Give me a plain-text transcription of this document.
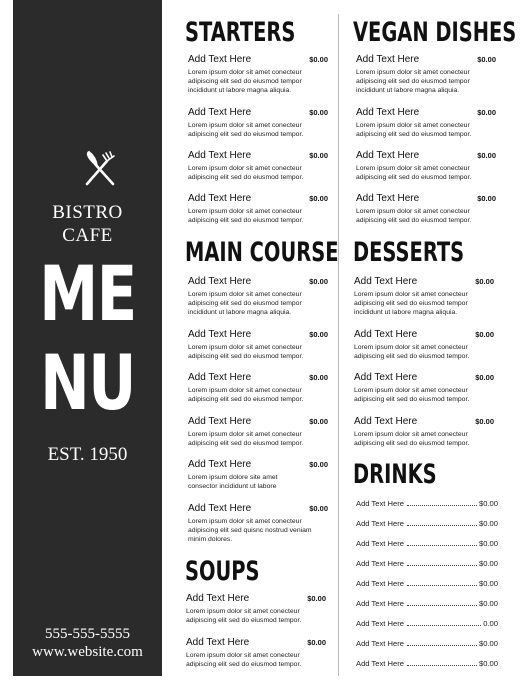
BISTRO
CAFE
ME
NU
EST. 1950
555-555-5555
www.website.com
STARTERS
MAIN COURSE
SOUPS
VEGAN DISHES
DESSERTS
DRINKS
Add Text Here	$0.00
Lorem ipsum dolor sit amet conecteur adipiscing elit sed do eiusmod tempor incididunt ut labore magna aliquia.
Add Text Here	$0.00
Lorem ipsum dolor sit amet conecteur adipiscing elit sed do eiusmod tempor.
Add Text Here	$0.00
Lorem ipsum dolor sit amet conecteur adipiscing elit sed do eiusmod tempor.
Add Text Here	$0.00
Lorem ipsum dolor sit amet conecteur adipiscing elit sed do eiusmod tempor.
Add Text Here	$0.00
Lorem ipsum dolor sit amet conecteur adipiscing elit sed do eiusmod tempor incididunt ut labore magna aliquia.
Add Text Here	$0.00
Lorem ipsum dolor sit amet conecteur adipiscing elit sed do eiusmod tempor.
Add Text Here	$0.00
Lorem ipsum dolor sit amet conecteur adipiscing elit sed do eiusmod tempor.
Add Text Here	$0.00
Lorem ipsum dolor sit amet conecteur adipiscing elit sed do eiusmod tempor.
Add Text Here	$0.00
Lorem ipsum dolore site amet consector incididunt ut labore
Add Text Here	$0.00
Lorem ipsum dolor sit amet conecteur adipiscing elit sed quisnc nostrud veniam minim dolores.
Add Text Here	$0.00
Lorem ipsum dolor sit amet conecteur adipiscing elit sed do eiusmod tempor.
Add Text Here	$0.00
Lorem ipsum dolor sit amet conecteur adipiscing elit sed do eiusmod tempor.
Add Text Here	$0.00
Lorem ipsum dolor sit amet conecteur adipiscing elit sed do eiusmod tempor incididunt ut labore magna aliquia.
Add Text Here	$0.00
Lorem ipsum dolor sit amet conecteur adipiscing elit sed do eiusmod tempor.
Add Text Here	$0.00
Lorem ipsum dolor sit amet conecteur adipiscing elit sed do eiusmod tempor.
Add Text Here	$0.00
Lorem ipsum dolor sit amet conecteur adipiscing elit sed do eiusmod tempor.
Add Text Here	$0.00
Lorem ipsum dolor sit amet conecteur adipiscing elit sed do eiusmod tempor incididunt ut labore magna aliquia.
Add Text Here	$0.00
Lorem ipsum dolor sit amet conecteur adipiscing elit sed do eiusmod tempor.
Add Text Here	$0.00
Lorem ipsum dolor sit amet conecteur adipiscing elit sed do eiusmod tempor.
Add Text Here	$0.00
Lorem ipsum dolor sit amet conecteur adipiscing elit sed do eiusmod tempor.
Add Text Here	$0.00
Add Text Here	$0.00
Add Text Here	$0.00
Add Text Here	$0.00
Add Text Here	$0.00
Add Text Here	$0.00
Add Text Here	0.00
Add Text Here	$0.00
Add Text Here	$0.00
